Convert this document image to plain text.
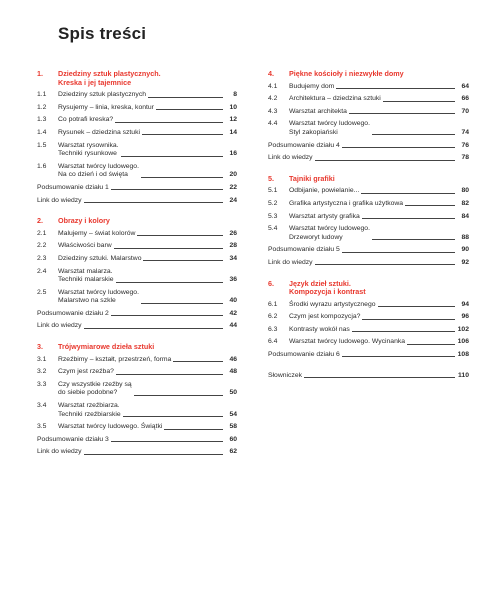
Spis treści
1.	Dziedziny sztuk plastycznych.
Kreska i jej tajemnice
1.1	Dziedziny sztuk plastycznych	8
1.2	Rysujemy – linia, kreska, kontur	10
1.3	Co potrafi kreska?	12
1.4	Rysunek – dziedzina sztuki	14
1.5	Warsztat rysownika.
Techniki rysunkowe	16
1.6	Warsztat twórcy ludowego.
Na co dzień i od święta	20
Podsumowanie działu 1	22
Link do wiedzy	24
2.	Obrazy i kolory
2.1	Malujemy – świat kolorów	26
2.2	Właściwości barw	28
2.3	Dziedziny sztuki. Malarstwo	34
2.4	Warsztat malarza.
Techniki malarskie	36
2.5	Warsztat twórcy ludowego.
Malarstwo na szkle	40
Podsumowanie działu 2	42
Link do wiedzy	44
3.	Trójwymiarowe dzieła sztuki
3.1	Rzeźbimy – kształt, przestrzeń, forma	46
3.2	Czym jest rzeźba?	48
3.3	Czy wszystkie rzeźby są
do siebie podobne?	50
3.4	Warsztat rzeźbiarza.
Techniki rzeźbiarskie	54
3.5	Warsztat twórcy ludowego. Świątki	58
Podsumowanie działu 3	60
Link do wiedzy	62
4.	Piękne kościoły i niezwykłe domy
4.1	Budujemy dom	64
4.2	Architektura – dziedzina sztuki	66
4.3	Warsztat architekta	70
4.4	Warsztat twórcy ludowego.
Styl zakopiański	74
Podsumowanie działu 4	76
Link do wiedzy	78
5.	Tajniki grafiki
5.1	Odbijanie, powielanie...	80
5.2	Grafika artystyczna i grafika użytkowa	82
5.3	Warsztat artysty grafika	84
5.4	Warsztat twórcy ludowego.
Drzeworyt ludowy	88
Podsumowanie działu 5	90
Link do wiedzy	92
6.	Język dzieł sztuki.
Kompozycja i kontrast
6.1	Środki wyrazu artystycznego	94
6.2	Czym jest kompozycja?	96
6.3	Kontrasty wokół nas	102
6.4	Warsztat twórcy ludowego. Wycinanka	106
Podsumowanie działu 6	108
Słowniczek	110
